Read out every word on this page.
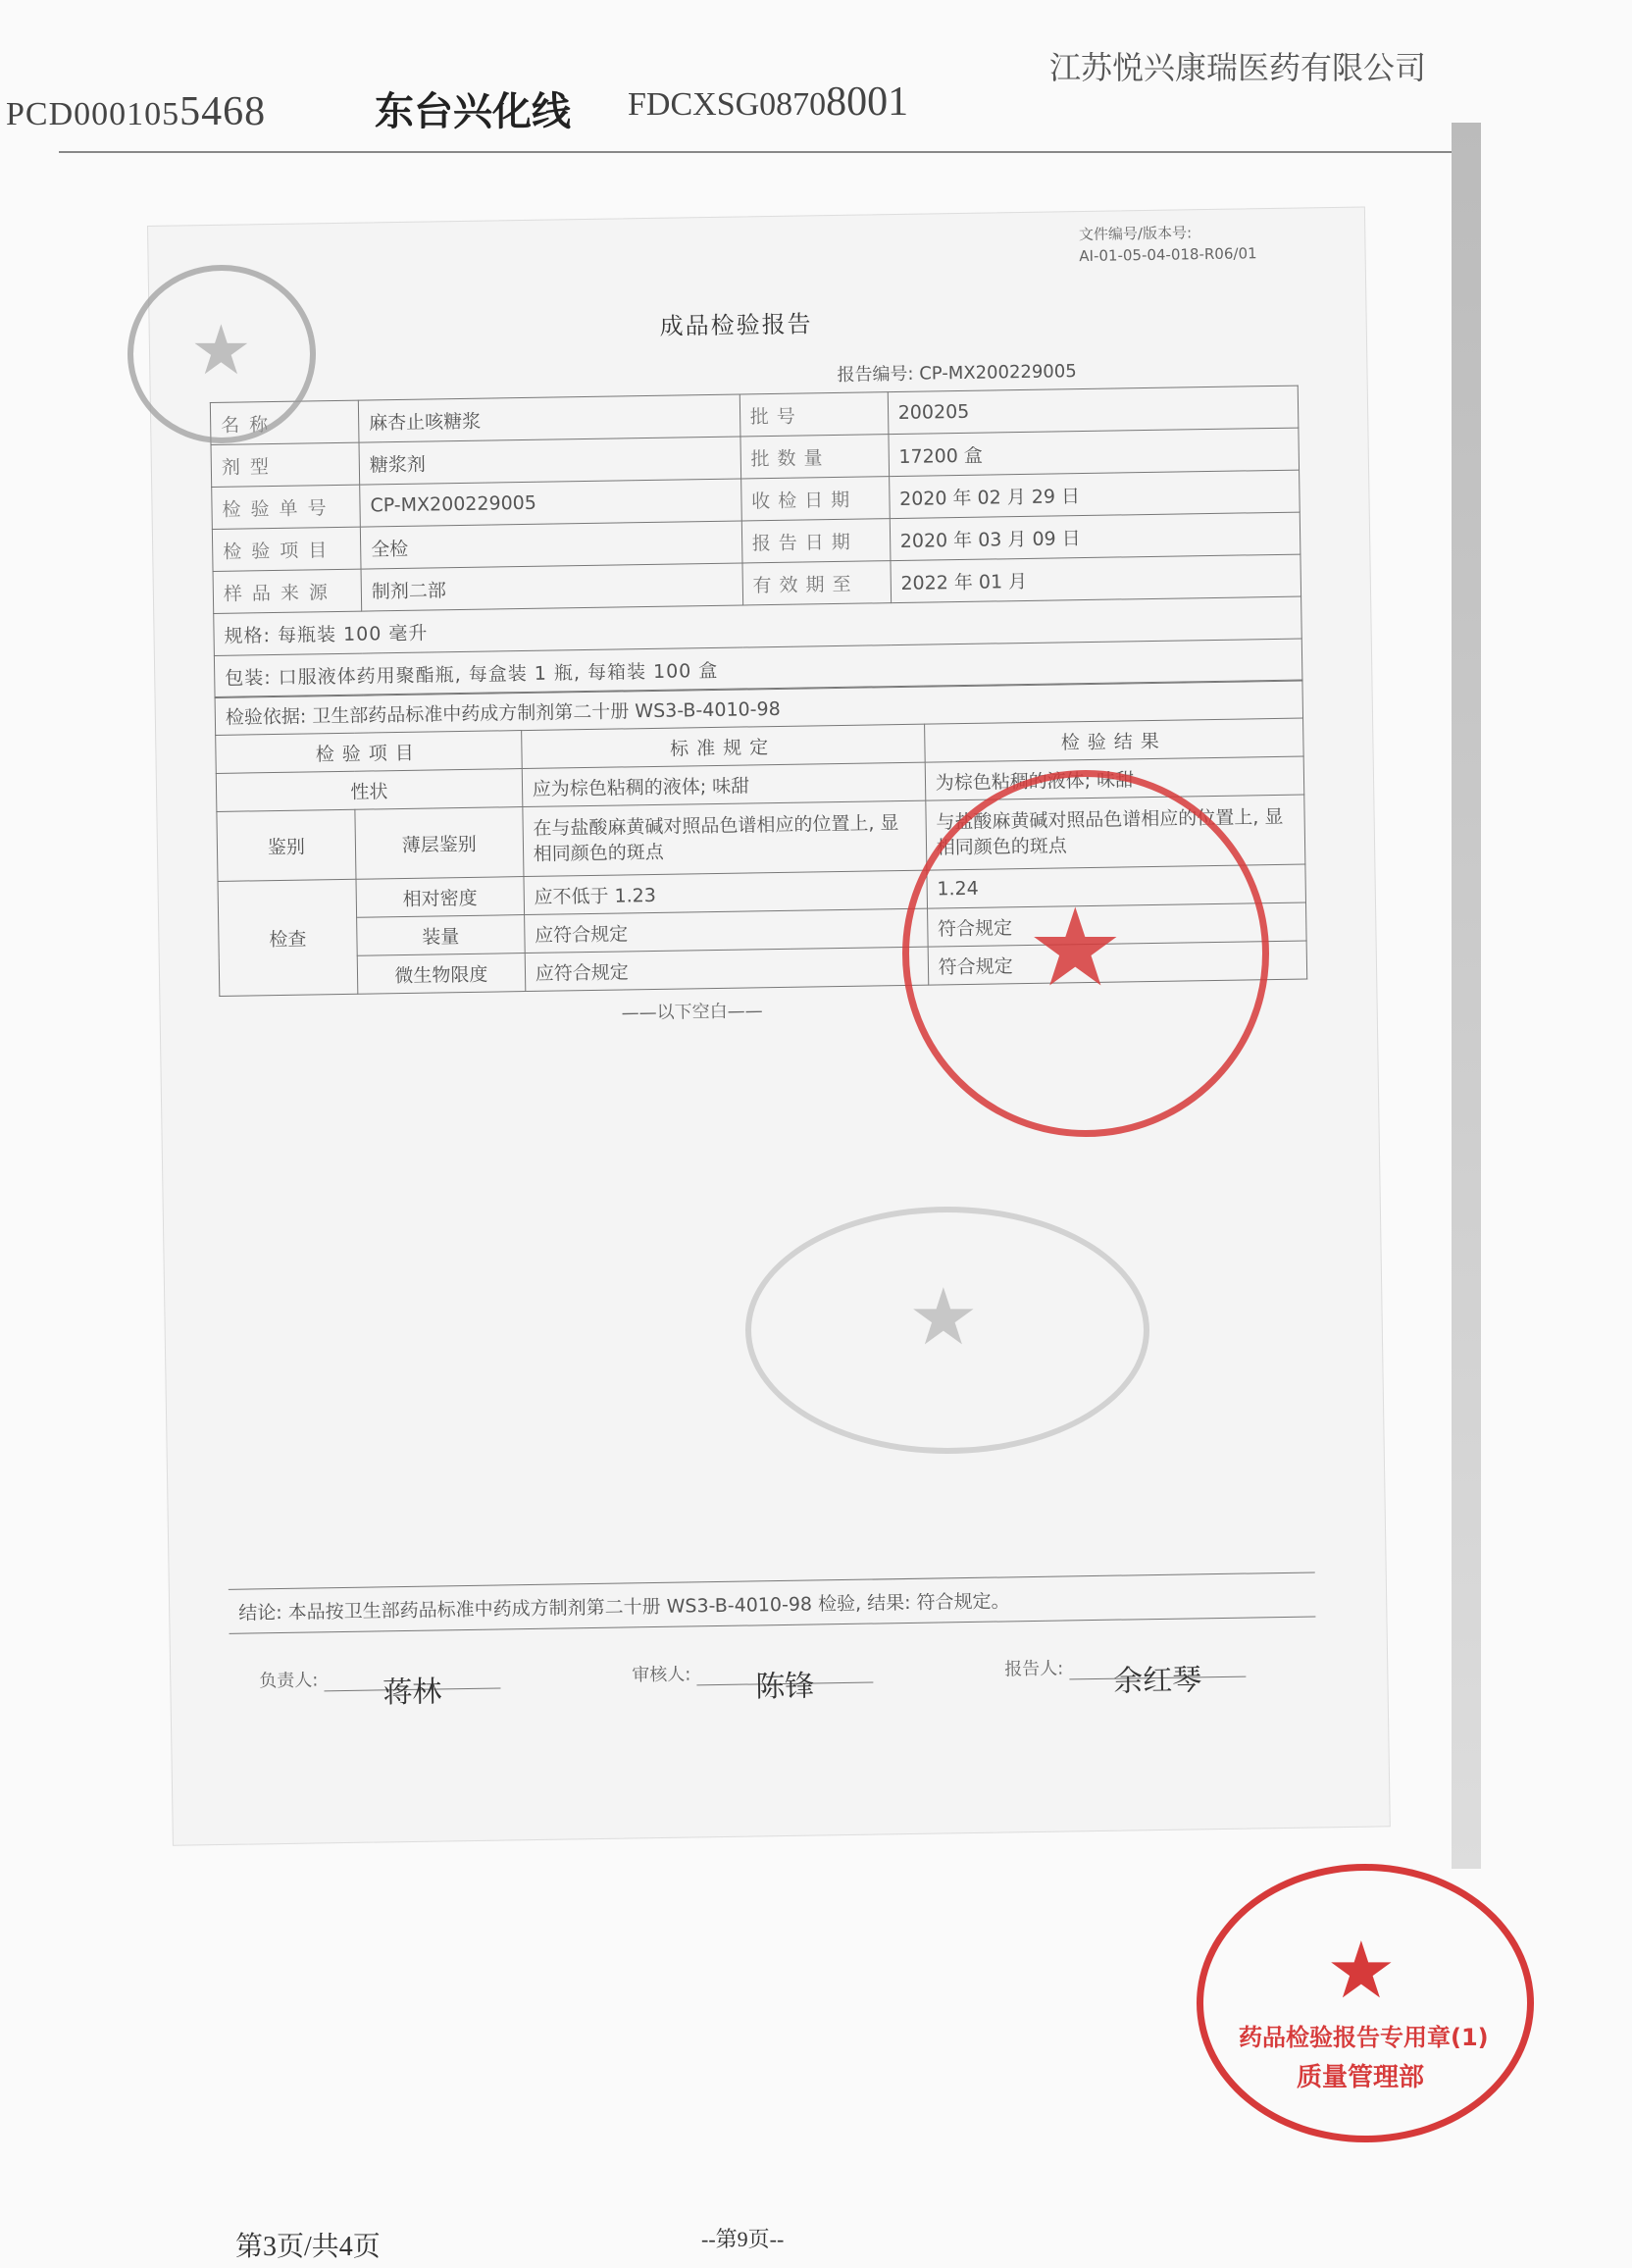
PCD0001055468	东台兴化线 FDCXSG08708001
江苏悦兴康瑞医药有限公司
文件编号/版本号:
AI-01-05-04-018-R06/01
成品检验报告
报告编号: CP-MX200229005
名称	麻杏止咳糖浆	批号	200205
剂型	糖浆剂	批数量	17200 盒
检验单号	CP-MX200229005	收检日期	2020 年 02 月 29 日
检验项目	全检	报告日期	2020 年 03 月 09 日
样品来源	制剂二部	有效期至	2022 年 01 月
规格: 每瓶装 100 毫升			
包装: 口服液体药用聚酯瓶, 每盒装 1 瓶, 每箱装 100 盒			
检验依据: 卫生部药品标准中药成方制剂第二十册 WS3-B-4010-98			
检验项目		标准规定	检验结果
性状		应为棕色粘稠的液体; 味甜	为棕色粘稠的液体; 味甜
鉴别	薄层鉴别	在与盐酸麻黄碱对照品色谱相应的位置上, 显相同颜色的斑点	与盐酸麻黄碱对照品色谱相应的位置上, 显相同颜色的斑点
检查	相对密度	应不低于 1.23	1.24
	装量	应符合规定	符合规定
	微生物限度	应符合规定	符合规定
——以下空白——
结论: 本品按卫生部药品标准中药成方制剂第二十册 WS3-B-4010-98 检验, 结果: 符合规定。
负责人: 蒋林
审核人: 陈锋
报告人: 余红琴
★
★
★
★
药品检验报告专用章(1)
质量管理部
第3页/共4页	--第9页--
